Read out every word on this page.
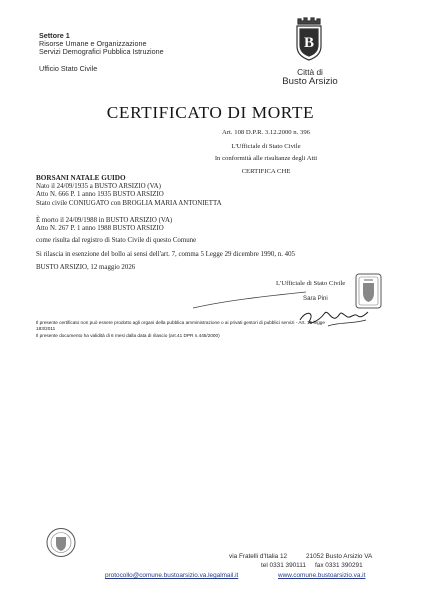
Settore 1
Risorse Umane e Organizzazione
Servizi Demografici Pubblica Istruzione
Ufficio Stato Civile
B
Città di
Busto Arsizio
CERTIFICATO DI MORTE
Art. 108 D.P.R. 3.12.2000 n. 396
L'Ufficiale di Stato Civile
In conformità alle risultanze degli Atti
CERTIFICA CHE
BORSANI NATALE GUIDO
Nato il 24/09/1935 a BUSTO ARSIZIO (VA)
Atto N. 666 P. 1 anno 1935 BUSTO ARSIZIO
Stato civile CONIUGATO con BROGLIA MARIA ANTONIETTA
È morto il 24/09/1988 in BUSTO ARSIZIO (VA)
Atto N. 267 P. 1 anno 1988 BUSTO ARSIZIO
come risulta dal registro di Stato Civile di questo Comune
Si rilascia in esenzione del bollo ai sensi dell'art. 7, comma 5 Legge 29 dicembre 1990, n. 405
BUSTO ARSIZIO, 12 maggio 2026
L'Ufficiale di Stato Civile
Sara Pini
Il presente certificato non può essere prodotto agli organi della pubblica amministrazione o ai privati gestori di pubblici servizi - Art. 15 legge
183/2011
Il presente documento ha validità di 6 mesi dalla data di rilascio (art.41 DPR n.445/2000)
via Fratelli d'Italia 12	21052 Busto Arsizio VA
tel 0331 390111 fax 0331 390291
protocollo@comune.bustoarsizio.va.legalmail.it	www.comune.bustoarsizio.va.it
